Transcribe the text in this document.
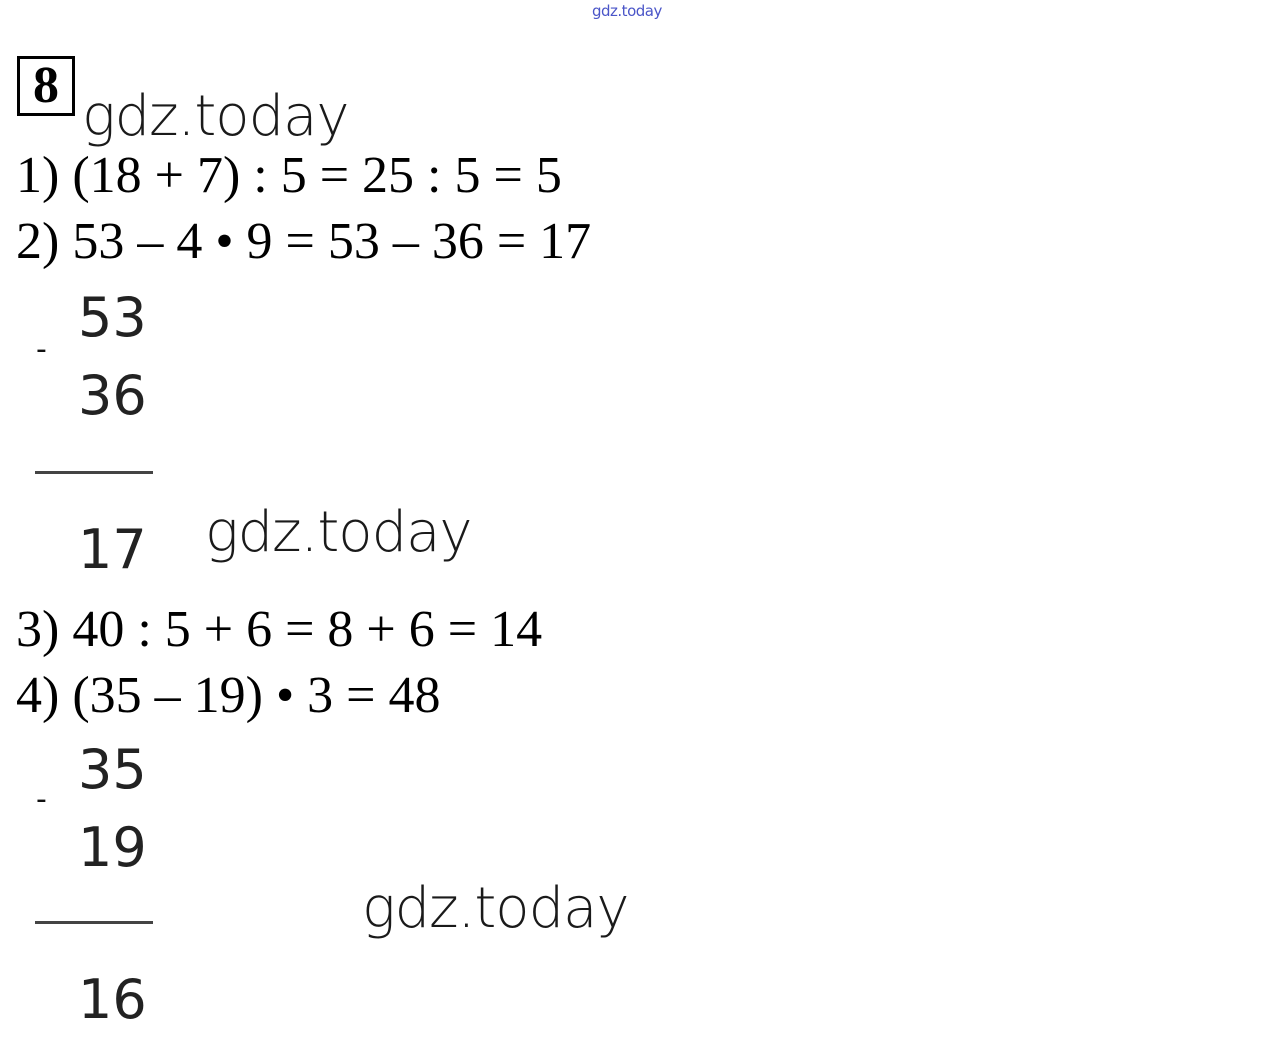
gdz.today
8 gdz.today
1) (18 + 7) : 5 = 25 : 5 = 5
2) 53 – 4 • 9 = 53 – 36 = 17
53
-
36
17 gdz.today
3) 40 : 5 + 6 = 8 + 6 = 14
4) (35 – 19) • 3 = 48
35
-
19
16
gdz.today
